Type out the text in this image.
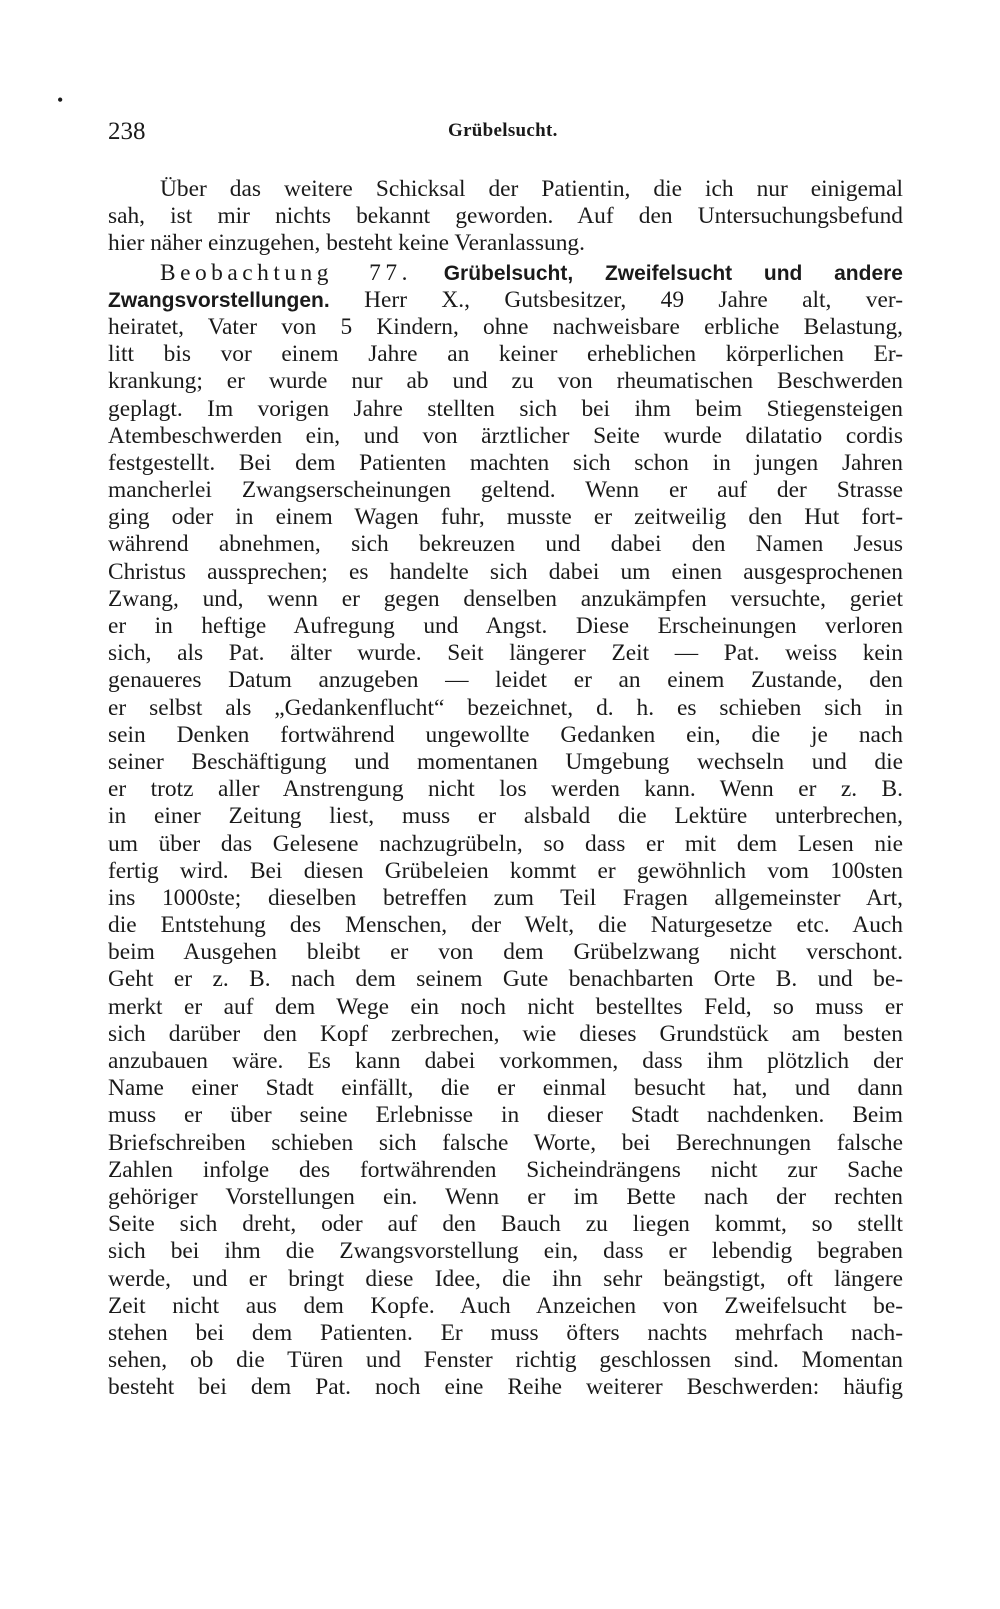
•
238	Grübelsucht.
Über das weitere Schicksal der Patientin, die ich nur einigemal
sah, ist mir nichts bekannt geworden. Auf den Untersuchungsbefund
hier näher einzugehen, besteht keine Veranlassung.
Beobachtung 77. Grübelsucht, Zweifelsucht und andere
Zwangsvorstellungen. Herr X., Gutsbesitzer, 49 Jahre alt, ver-
heiratet, Vater von 5 Kindern, ohne nachweisbare erbliche Belastung,
litt bis vor einem Jahre an keiner erheblichen körperlichen Er-
krankung; er wurde nur ab und zu von rheumatischen Beschwerden
geplagt. Im vorigen Jahre stellten sich bei ihm beim Stiegensteigen
Atembeschwerden ein, und von ärztlicher Seite wurde dilatatio cordis
festgestellt. Bei dem Patienten machten sich schon in jungen Jahren
mancherlei Zwangserscheinungen geltend. Wenn er auf der Strasse
ging oder in einem Wagen fuhr, musste er zeitweilig den Hut fort-
während abnehmen, sich bekreuzen und dabei den Namen Jesus
Christus aussprechen; es handelte sich dabei um einen ausgesprochenen
Zwang, und, wenn er gegen denselben anzukämpfen versuchte, geriet
er in heftige Aufregung und Angst. Diese Erscheinungen verloren
sich, als Pat. älter wurde. Seit längerer Zeit — Pat. weiss kein
genaueres Datum anzugeben — leidet er an einem Zustande, den
er selbst als „Gedankenflucht“ bezeichnet, d. h. es schieben sich in
sein Denken fortwährend ungewollte Gedanken ein, die je nach
seiner Beschäftigung und momentanen Umgebung wechseln und die
er trotz aller Anstrengung nicht los werden kann. Wenn er z. B.
in einer Zeitung liest, muss er alsbald die Lektüre unterbrechen,
um über das Gelesene nachzugrübeln, so dass er mit dem Lesen nie
fertig wird. Bei diesen Grübeleien kommt er gewöhnlich vom 100sten
ins 1000ste; dieselben betreffen zum Teil Fragen allgemeinster Art,
die Entstehung des Menschen, der Welt, die Naturgesetze etc. Auch
beim Ausgehen bleibt er von dem Grübelzwang nicht verschont.
Geht er z. B. nach dem seinem Gute benachbarten Orte B. und be-
merkt er auf dem Wege ein noch nicht bestelltes Feld, so muss er
sich darüber den Kopf zerbrechen, wie dieses Grundstück am besten
anzubauen wäre. Es kann dabei vorkommen, dass ihm plötzlich der
Name einer Stadt einfällt, die er einmal besucht hat, und dann
muss er über seine Erlebnisse in dieser Stadt nachdenken. Beim
Briefschreiben schieben sich falsche Worte, bei Berechnungen falsche
Zahlen infolge des fortwährenden Sicheindrängens nicht zur Sache
gehöriger Vorstellungen ein. Wenn er im Bette nach der rechten
Seite sich dreht, oder auf den Bauch zu liegen kommt, so stellt
sich bei ihm die Zwangsvorstellung ein, dass er lebendig begraben
werde, und er bringt diese Idee, die ihn sehr beängstigt, oft längere
Zeit nicht aus dem Kopfe. Auch Anzeichen von Zweifelsucht be-
stehen bei dem Patienten. Er muss öfters nachts mehrfach nach-
sehen, ob die Türen und Fenster richtig geschlossen sind. Momentan
besteht bei dem Pat. noch eine Reihe weiterer Beschwerden: häufig
